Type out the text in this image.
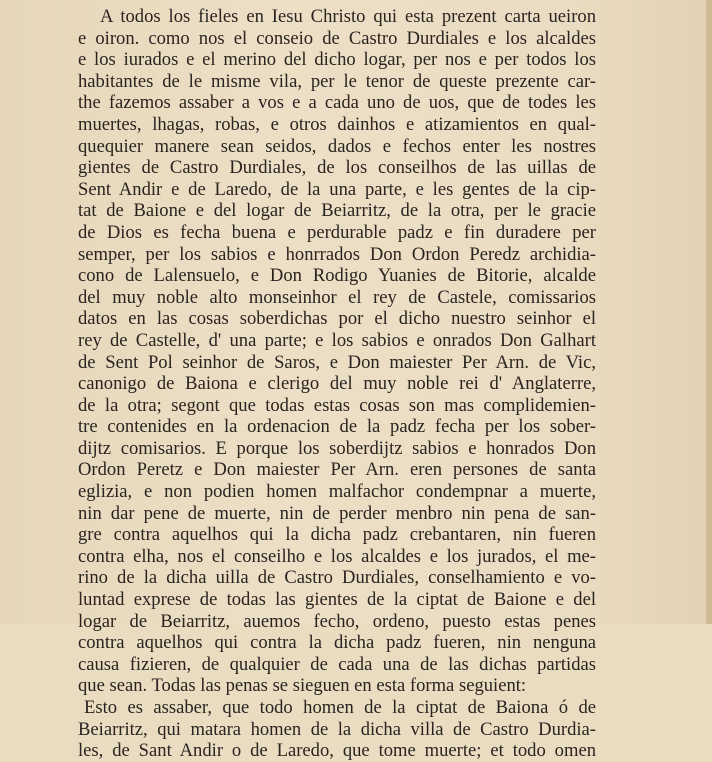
A todos los fieles en Iesu Christo qui esta prezent carta ueiron
e oiron. como nos el conseio de Castro Durdiales e los alcaldes
e los iurados e el merino del dicho logar, per nos e per todos los
habitantes de le misme vila, per le tenor de queste prezente car-
the fazemos assaber a vos e a cada uno de uos, que de todes les
muertes, lhagas, robas, e otros dainhos e atizamientos en qual-
quequier manere sean seidos, dados e fechos enter les nostres
gientes de Castro Durdiales, de los conseilhos de las uillas de
Sent Andir e de Laredo, de la una parte, e les gentes de la cip-
tat de Baione e del logar de Beiarritz, de la otra, per le gracie
de Dios es fecha buena e perdurable padz e fin duradere per
semper, per los sabios e honrrados Don Ordon Peredz archidia-
cono de Lalensuelo, e Don Rodigo Yuanies de Bitorie, alcalde
del muy noble alto monseinhor el rey de Castele, comissarios
datos en las cosas soberdichas por el dicho nuestro seinhor el
rey de Castelle, d' una parte; e los sabios e onrados Don Galhart
de Sent Pol seinhor de Saros, e Don maiester Per Arn. de Vic,
canonigo de Baiona e clerigo del muy noble rei d' Anglaterre,
de la otra; segont que todas estas cosas son mas complidemien-
tre contenides en la ordenacion de la padz fecha per los sober-
dijtz comisarios. E porque los soberdijtz sabios e honrados Don
Ordon Peretz e Don maiester Per Arn. eren persones de santa
eglizia, e non podien homen malfachor condempnar a muerte,
nin dar pene de muerte, nin de perder menbro nin pena de san-
gre contra aquelhos qui la dicha padz crebantaren, nin fueren
contra elha, nos el conseilho e los alcaldes e los jurados, el me-
rino de la dicha uilla de Castro Durdiales, conselhamiento e vo-
luntad exprese de todas las gientes de la ciptat de Baione e del
logar de Beiarritz, auemos fecho, ordeno, puesto estas penes
contra aquelhos qui contra la dicha padz fueren, nin nenguna
causa fizieren, de qualquier de cada una de las dichas partidas
que sean. Todas las penas se sieguen en esta forma seguient:
Esto es assaber, que todo homen de la ciptat de Baiona ó de
Beiarritz, qui matara homen de la dicha villa de Castro Durdia-
les, de Sant Andir o de Laredo, que tome muerte; et todo omen
